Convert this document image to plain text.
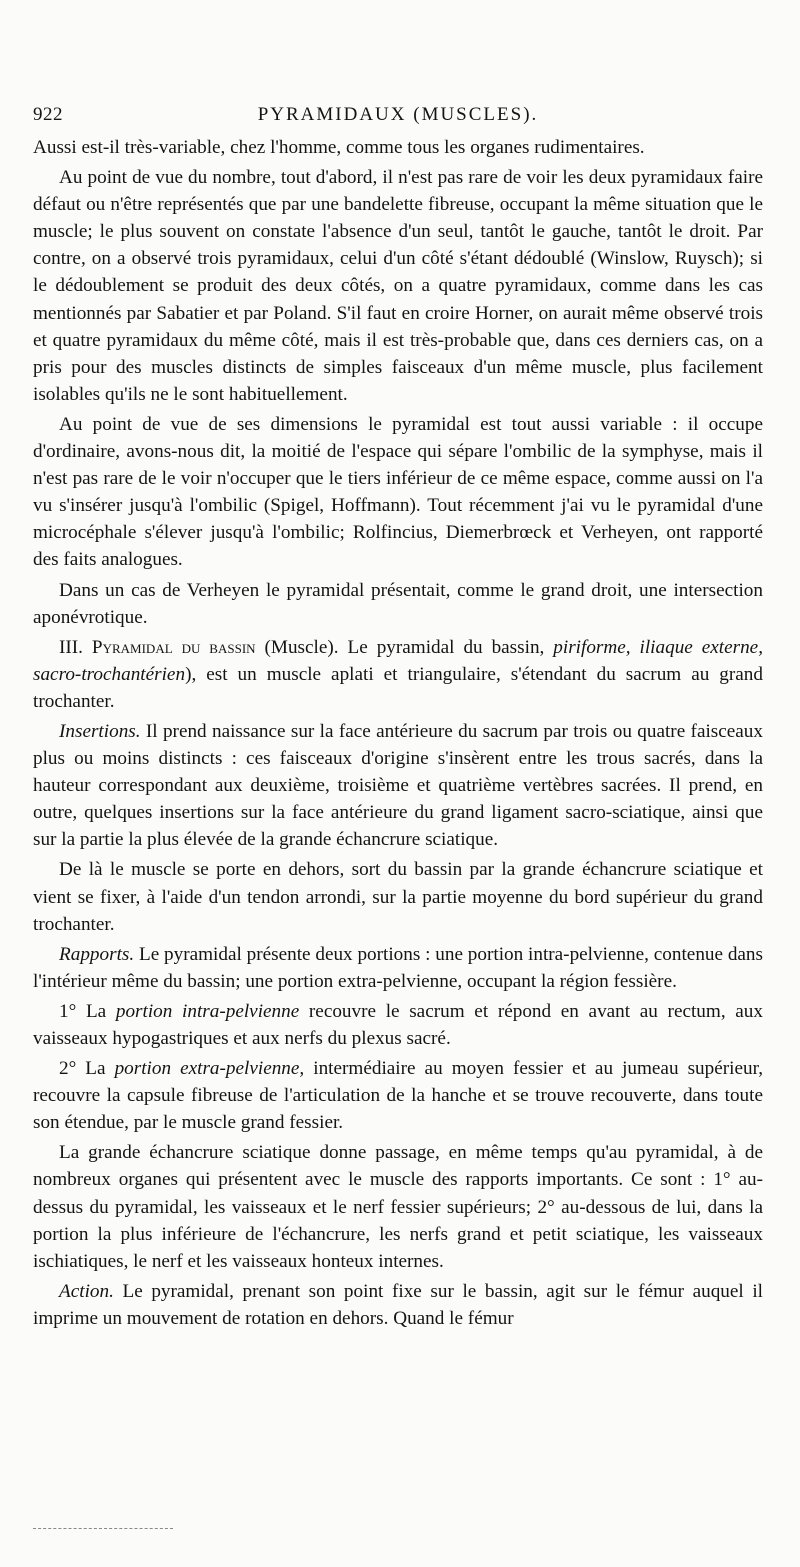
922	PYRAMIDAUX (MUSCLES).

Aussi est-il très-variable, chez l'homme, comme tous les organes rudimentaires.

Au point de vue du nombre, tout d'abord, il n'est pas rare de voir les deux pyramidaux faire défaut ou n'être représentés que par une bandelette fibreuse, occupant la même situation que le muscle; le plus souvent on constate l'absence d'un seul, tantôt le gauche, tantôt le droit. Par contre, on a observé trois pyramidaux, celui d'un côté s'étant dédoublé (Winslow, Ruysch); si le dédoublement se produit des deux côtés, on a quatre pyramidaux, comme dans les cas mentionnés par Sabatier et par Poland. S'il faut en croire Horner, on aurait même observé trois et quatre pyramidaux du même côté, mais il est très-probable que, dans ces derniers cas, on a pris pour des muscles distincts de simples faisceaux d'un même muscle, plus facilement isolables qu'ils ne le sont habituellement.

Au point de vue de ses dimensions le pyramidal est tout aussi variable : il occupe d'ordinaire, avons-nous dit, la moitié de l'espace qui sépare l'ombilic de la symphyse, mais il n'est pas rare de le voir n'occuper que le tiers inférieur de ce même espace, comme aussi on l'a vu s'insérer jusqu'à l'ombilic (Spigel, Hoffmann). Tout récemment j'ai vu le pyramidal d'une microcéphale s'élever jusqu'à l'ombilic; Rolfincius, Diemerbrœck et Verheyen, ont rapporté des faits analogues.

Dans un cas de Verheyen le pyramidal présentait, comme le grand droit, une intersection aponévrotique.

III. Pyramidal du bassin (Muscle). Le pyramidal du bassin, piriforme, iliaque externe, sacro-trochantérien), est un muscle aplati et triangulaire, s'étendant du sacrum au grand trochanter.

Insertions. Il prend naissance sur la face antérieure du sacrum par trois ou quatre faisceaux plus ou moins distincts : ces faisceaux d'origine s'insèrent entre les trous sacrés, dans la hauteur correspondant aux deuxième, troisième et quatrième vertèbres sacrées. Il prend, en outre, quelques insertions sur la face antérieure du grand ligament sacro-sciatique, ainsi que sur la partie la plus élevée de la grande échancrure sciatique.

De là le muscle se porte en dehors, sort du bassin par la grande échancrure sciatique et vient se fixer, à l'aide d'un tendon arrondi, sur la partie moyenne du bord supérieur du grand trochanter.

Rapports. Le pyramidal présente deux portions : une portion intra-pelvienne, contenue dans l'intérieur même du bassin; une portion extra-pelvienne, occupant la région fessière.

1° La portion intra-pelvienne recouvre le sacrum et répond en avant au rectum, aux vaisseaux hypogastriques et aux nerfs du plexus sacré.

2° La portion extra-pelvienne, intermédiaire au moyen fessier et au jumeau supérieur, recouvre la capsule fibreuse de l'articulation de la hanche et se trouve recouverte, dans toute son étendue, par le muscle grand fessier.

La grande échancrure sciatique donne passage, en même temps qu'au pyramidal, à de nombreux organes qui présentent avec le muscle des rapports importants. Ce sont : 1° au-dessus du pyramidal, les vaisseaux et le nerf fessier supérieurs; 2° au-dessous de lui, dans la portion la plus inférieure de l'échancrure, les nerfs grand et petit sciatique, les vaisseaux ischiatiques, le nerf et les vaisseaux honteux internes.

Action. Le pyramidal, prenant son point fixe sur le bassin, agit sur le fémur auquel il imprime un mouvement de rotation en dehors. Quand le fémur
